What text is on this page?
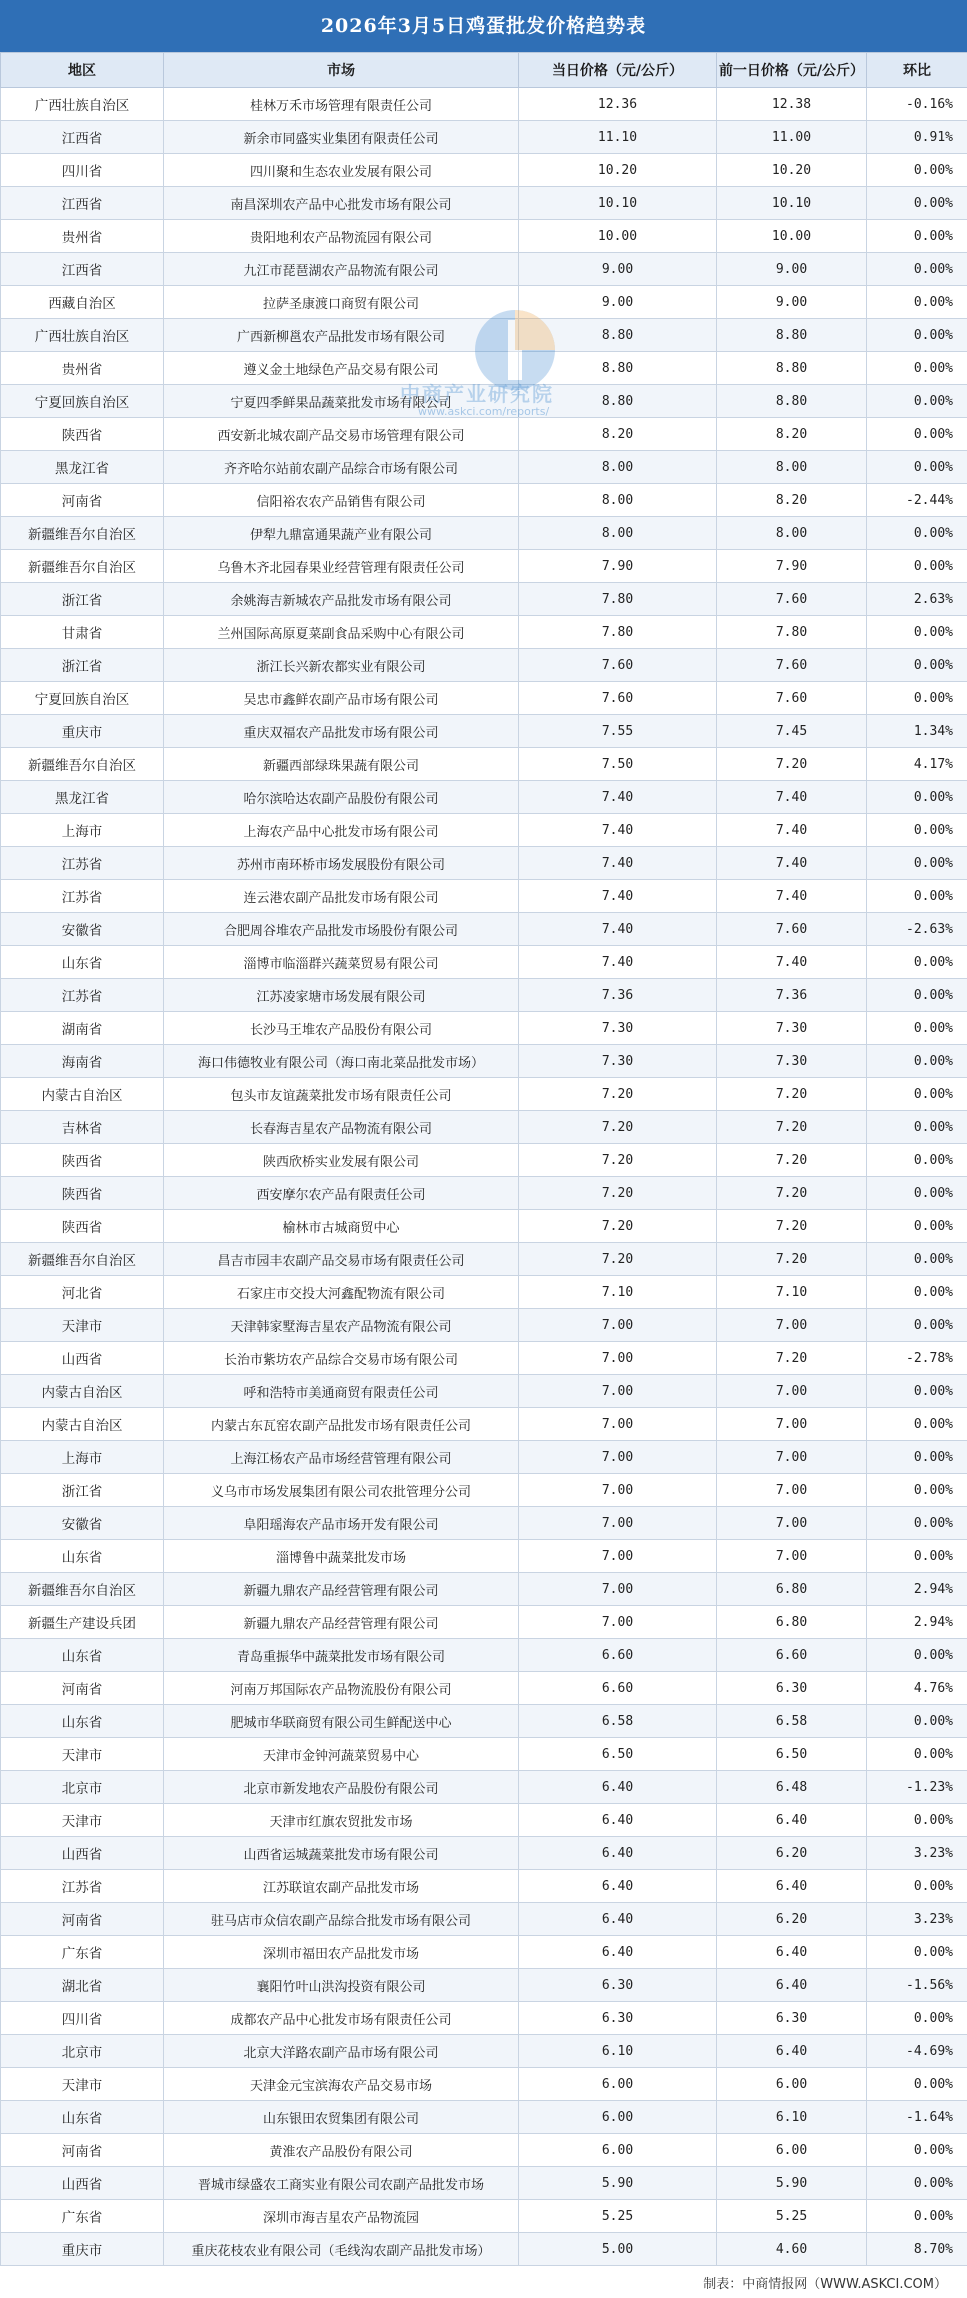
2026年3月5日鸡蛋批发价格趋势表
地区	市场	当日价格（元/公斤）	前一日价格（元/公斤）	环比
广西壮族自治区	桂林万禾市场管理有限责任公司	12.36	12.38	-0.16%
江西省	新余市同盛实业集团有限责任公司	11.10	11.00	0.91%
四川省	四川聚和生态农业发展有限公司	10.20	10.20	0.00%
江西省	南昌深圳农产品中心批发市场有限公司	10.10	10.10	0.00%
贵州省	贵阳地利农产品物流园有限公司	10.00	10.00	0.00%
江西省	九江市琵琶湖农产品物流有限公司	9.00	9.00	0.00%
西藏自治区	拉萨圣康渡口商贸有限公司	9.00	9.00	0.00%
广西壮族自治区	广西新柳邕农产品批发市场有限公司	8.80	8.80	0.00%
贵州省	遵义金土地绿色产品交易有限公司	8.80	8.80	0.00%
宁夏回族自治区	宁夏四季鲜果品蔬菜批发市场有限公司	8.80	8.80	0.00%
陕西省	西安新北城农副产品交易市场管理有限公司	8.20	8.20	0.00%
黑龙江省	齐齐哈尔站前农副产品综合市场有限公司	8.00	8.00	0.00%
河南省	信阳裕农农产品销售有限公司	8.00	8.20	-2.44%
新疆维吾尔自治区	伊犁九鼎富通果蔬产业有限公司	8.00	8.00	0.00%
新疆维吾尔自治区	乌鲁木齐北园春果业经营管理有限责任公司	7.90	7.90	0.00%
浙江省	余姚海吉新城农产品批发市场有限公司	7.80	7.60	2.63%
甘肃省	兰州国际高原夏菜副食品采购中心有限公司	7.80	7.80	0.00%
浙江省	浙江长兴新农都实业有限公司	7.60	7.60	0.00%
宁夏回族自治区	吴忠市鑫鲜农副产品市场有限公司	7.60	7.60	0.00%
重庆市	重庆双福农产品批发市场有限公司	7.55	7.45	1.34%
新疆维吾尔自治区	新疆西部绿珠果蔬有限公司	7.50	7.20	4.17%
黑龙江省	哈尔滨哈达农副产品股份有限公司	7.40	7.40	0.00%
上海市	上海农产品中心批发市场有限公司	7.40	7.40	0.00%
江苏省	苏州市南环桥市场发展股份有限公司	7.40	7.40	0.00%
江苏省	连云港农副产品批发市场有限公司	7.40	7.40	0.00%
安徽省	合肥周谷堆农产品批发市场股份有限公司	7.40	7.60	-2.63%
山东省	淄博市临淄群兴蔬菜贸易有限公司	7.40	7.40	0.00%
江苏省	江苏凌家塘市场发展有限公司	7.36	7.36	0.00%
湖南省	长沙马王堆农产品股份有限公司	7.30	7.30	0.00%
海南省	海口伟德牧业有限公司（海口南北菜品批发市场）	7.30	7.30	0.00%
内蒙古自治区	包头市友谊蔬菜批发市场有限责任公司	7.20	7.20	0.00%
吉林省	长春海吉星农产品物流有限公司	7.20	7.20	0.00%
陕西省	陕西欣桥实业发展有限公司	7.20	7.20	0.00%
陕西省	西安摩尔农产品有限责任公司	7.20	7.20	0.00%
陕西省	榆林市古城商贸中心	7.20	7.20	0.00%
新疆维吾尔自治区	昌吉市园丰农副产品交易市场有限责任公司	7.20	7.20	0.00%
河北省	石家庄市交投大河鑫配物流有限公司	7.10	7.10	0.00%
天津市	天津韩家墅海吉星农产品物流有限公司	7.00	7.00	0.00%
山西省	长治市紫坊农产品综合交易市场有限公司	7.00	7.20	-2.78%
内蒙古自治区	呼和浩特市美通商贸有限责任公司	7.00	7.00	0.00%
内蒙古自治区	内蒙古东瓦窑农副产品批发市场有限责任公司	7.00	7.00	0.00%
上海市	上海江杨农产品市场经营管理有限公司	7.00	7.00	0.00%
浙江省	义乌市市场发展集团有限公司农批管理分公司	7.00	7.00	0.00%
安徽省	阜阳瑶海农产品市场开发有限公司	7.00	7.00	0.00%
山东省	淄博鲁中蔬菜批发市场	7.00	7.00	0.00%
新疆维吾尔自治区	新疆九鼎农产品经营管理有限公司	7.00	6.80	2.94%
新疆生产建设兵团	新疆九鼎农产品经营管理有限公司	7.00	6.80	2.94%
山东省	青岛重振华中蔬菜批发市场有限公司	6.60	6.60	0.00%
河南省	河南万邦国际农产品物流股份有限公司	6.60	6.30	4.76%
山东省	肥城市华联商贸有限公司生鲜配送中心	6.58	6.58	0.00%
天津市	天津市金钟河蔬菜贸易中心	6.50	6.50	0.00%
北京市	北京市新发地农产品股份有限公司	6.40	6.48	-1.23%
天津市	天津市红旗农贸批发市场	6.40	6.40	0.00%
山西省	山西省运城蔬菜批发市场有限公司	6.40	6.20	3.23%
江苏省	江苏联谊农副产品批发市场	6.40	6.40	0.00%
河南省	驻马店市众信农副产品综合批发市场有限公司	6.40	6.20	3.23%
广东省	深圳市福田农产品批发市场	6.40	6.40	0.00%
湖北省	襄阳竹叶山洪沟投资有限公司	6.30	6.40	-1.56%
四川省	成都农产品中心批发市场有限责任公司	6.30	6.30	0.00%
北京市	北京大洋路农副产品市场有限公司	6.10	6.40	-4.69%
天津市	天津金元宝滨海农产品交易市场	6.00	6.00	0.00%
山东省	山东银田农贸集团有限公司	6.00	6.10	-1.64%
河南省	黄淮农产品股份有限公司	6.00	6.00	0.00%
山西省	晋城市绿盛农工商实业有限公司农副产品批发市场	5.90	5.90	0.00%
广东省	深圳市海吉星农产品物流园	5.25	5.25	0.00%
重庆市	重庆花枝农业有限公司（毛线沟农副产品批发市场）	5.00	4.60	8.70%
中商产业研究院
www.askci.com/reports/
制表：中商情报网（WWW.ASKCI.COM）
